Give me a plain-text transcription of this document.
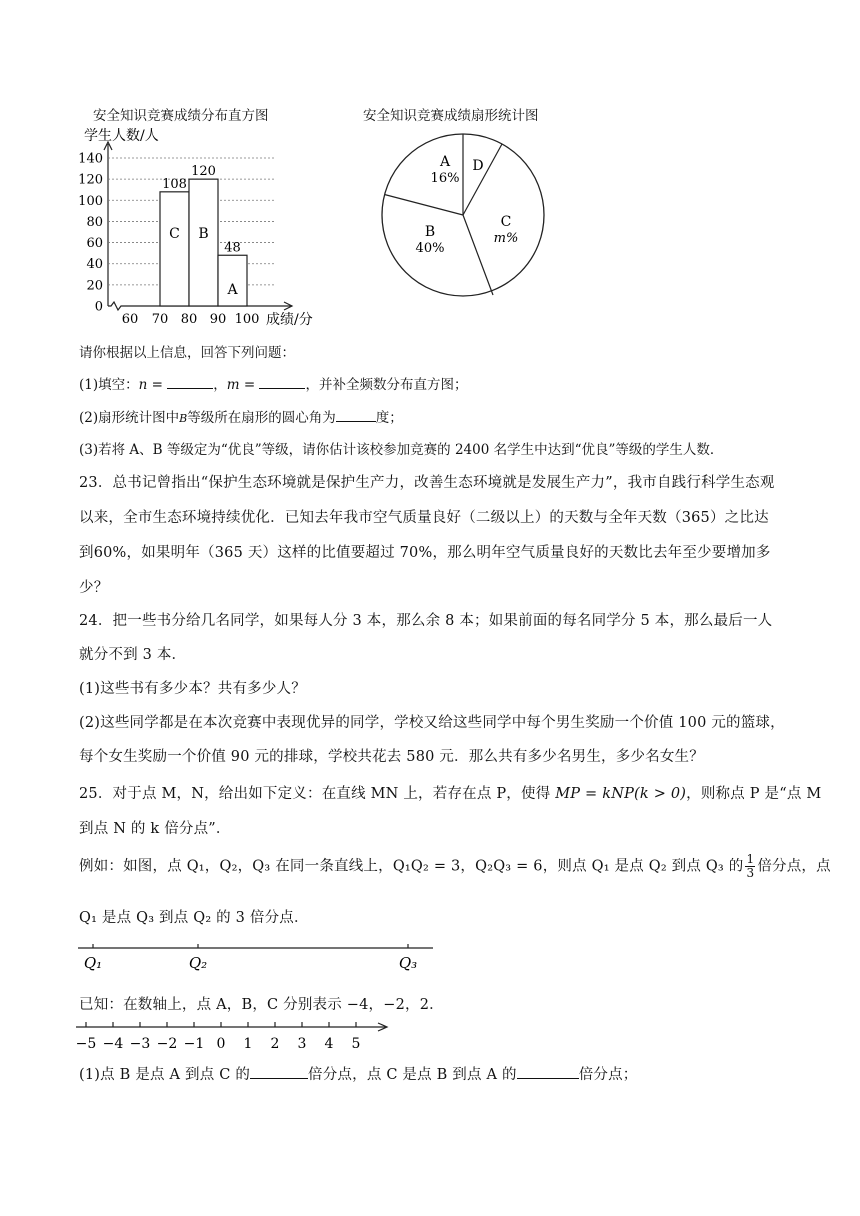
安全知识竞赛成绩分布直方图
学生人数/人
成绩/分
0
20
40
60
80
100
120
140
60 70 80 90 100
108
C
120
B
48
A
安全知识竞赛成绩扇形统计图
A
16%
D
C
m%
B
40%
请你根据以上信息，回答下列问题：
(1)填空：n =	，m =	，并补全频数分布直方图；
(2)扇形统计图中B等级所在扇形的圆心角为	度；
(3)若将 A、B 等级定为“优良”等级，请你估计该校参加竞赛的 2400 名学生中达到“优良”等级的学生人数．
23．总书记曾指出“保护生态环境就是保护生产力，改善生态环境就是发展生产力”，我市自践行科学生态观
以来，全市生态环境持续优化．已知去年我市空气质量良好（二级以上）的天数与全年天数（365）之比达
到60%，如果明年（365 天）这样的比值要超过 70%，那么明年空气质量良好的天数比去年至少要增加多
少？
24．把一些书分给几名同学，如果每人分 3 本，那么余 8 本；如果前面的每名同学分 5 本，那么最后一人
就分不到 3 本．
(1)这些书有多少本？共有多少人？
(2)这些同学都是在本次竞赛中表现优异的同学，学校又给这些同学中每个男生奖励一个价值 100 元的篮球，
每个女生奖励一个价值 90 元的排球，学校共花去 580 元．那么共有多少名男生，多少名女生？
25．对于点 M，N，给出如下定义：在直线 MN 上，若存在点 P，使得 MP = kNP(k > 0)，则称点 P 是“点 M
到点 N 的 k 倍分点”．
例如：如图，点 Q₁，Q₂，Q₃ 在同一条直线上，Q₁Q₂ = 3，Q₂Q₃ = 6，则点 Q₁ 是点 Q₂ 到点 Q₃ 的 $\frac{1}{3}$ 倍分点，点
Q₁ 是点 Q₃ 到点 Q₂ 的 3 倍分点．
Q₁	Q₂	Q₃
已知：在数轴上，点 A，B，C 分别表示 −4，−2，2．
−5 −4 −3 −2 −1 0 1 2 3 4 5
(1)点 B 是点 A 到点 C 的	倍分点，点 C 是点 B 到点 A 的	倍分点；
